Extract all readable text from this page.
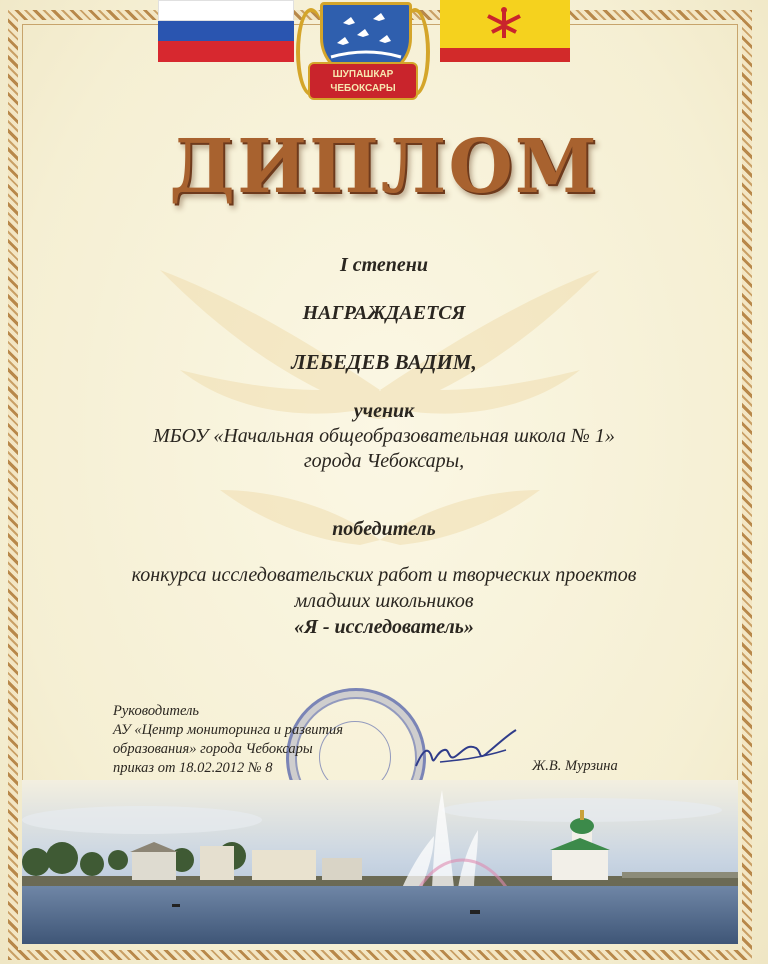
ШУПАШКАР
ЧЕБОКСАРЫ
ДИПЛОМ
I степени
НАГРАЖДАЕТСЯ
ЛЕБЕДЕВ ВАДИМ,
ученик
МБОУ «Начальная общеобразовательная школа № 1»
города Чебоксары,
победитель
конкурса исследовательских работ и творческих проектов
младших школьников
«Я - исследователь»
Руководитель
АУ «Центр мониторинга и развития
образования» города Чебоксары
приказ от 18.02.2012 № 8	Ж.В. Мурзина
